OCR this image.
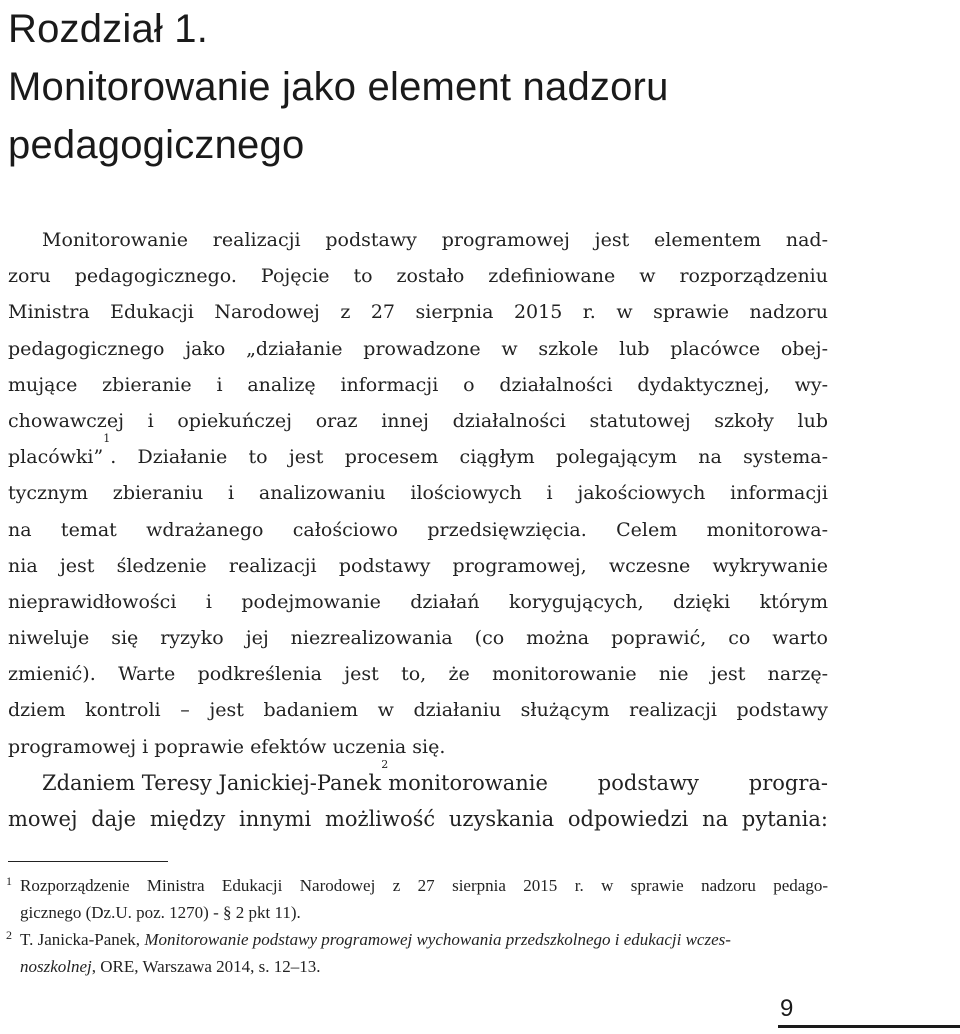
Rozdział 1.
Monitorowanie jako element nadzoru
pedagogicznego
Monitorowanie realizacji podstawy programowej jest elementem nad-
zoru pedagogicznego. Pojęcie to zostało zdefiniowane w rozporządzeniu
Ministra Edukacji Narodowej z 27 sierpnia 2015 r. w sprawie nadzoru
pedagogicznego jako „działanie prowadzone w szkole lub placówce obej-
mujące zbieranie i analizę informacji o działalności dydaktycznej, wy-
chowawczej i opiekuńczej oraz innej działalności statutowej szkoły lub
placówki”
1
. Działanie to jest procesem ciągłym polegającym na systema-
tycznym zbieraniu i analizowaniu ilościowych i jakościowych informacji
na temat wdrażanego całościowo przedsięwzięcia. Celem monitorowa-
nia jest śledzenie realizacji podstawy programowej, wczesne wykrywanie
nieprawidłowości i podejmowanie działań korygujących, dzięki którym
niweluje się ryzyko jej niezrealizowania (co można poprawić, co warto
zmienić). Warte podkreślenia jest to, że monitorowanie nie jest narzę-
dziem kontroli – jest badaniem w działaniu służącym realizacji podstawy
programowej i poprawie efektów uczenia się.
Zdaniem Teresy Janickiej-Panek
2
monitorowanie podstawy progra-
mowej daje między innymi możliwość uzyskania odpowiedzi na pytania:
1 Rozporządzenie Ministra Edukacji Narodowej z 27 sierpnia 2015 r. w sprawie nadzoru pedago-
gicznego (Dz.U. poz. 1270) - § 2 pkt 11).
2 T. Janicka-Panek, Monitorowanie podstawy programowej wychowania przedszkolnego i edukacji wczes-
noszkolnej, ORE, Warszawa 2014, s. 12–13.
9
